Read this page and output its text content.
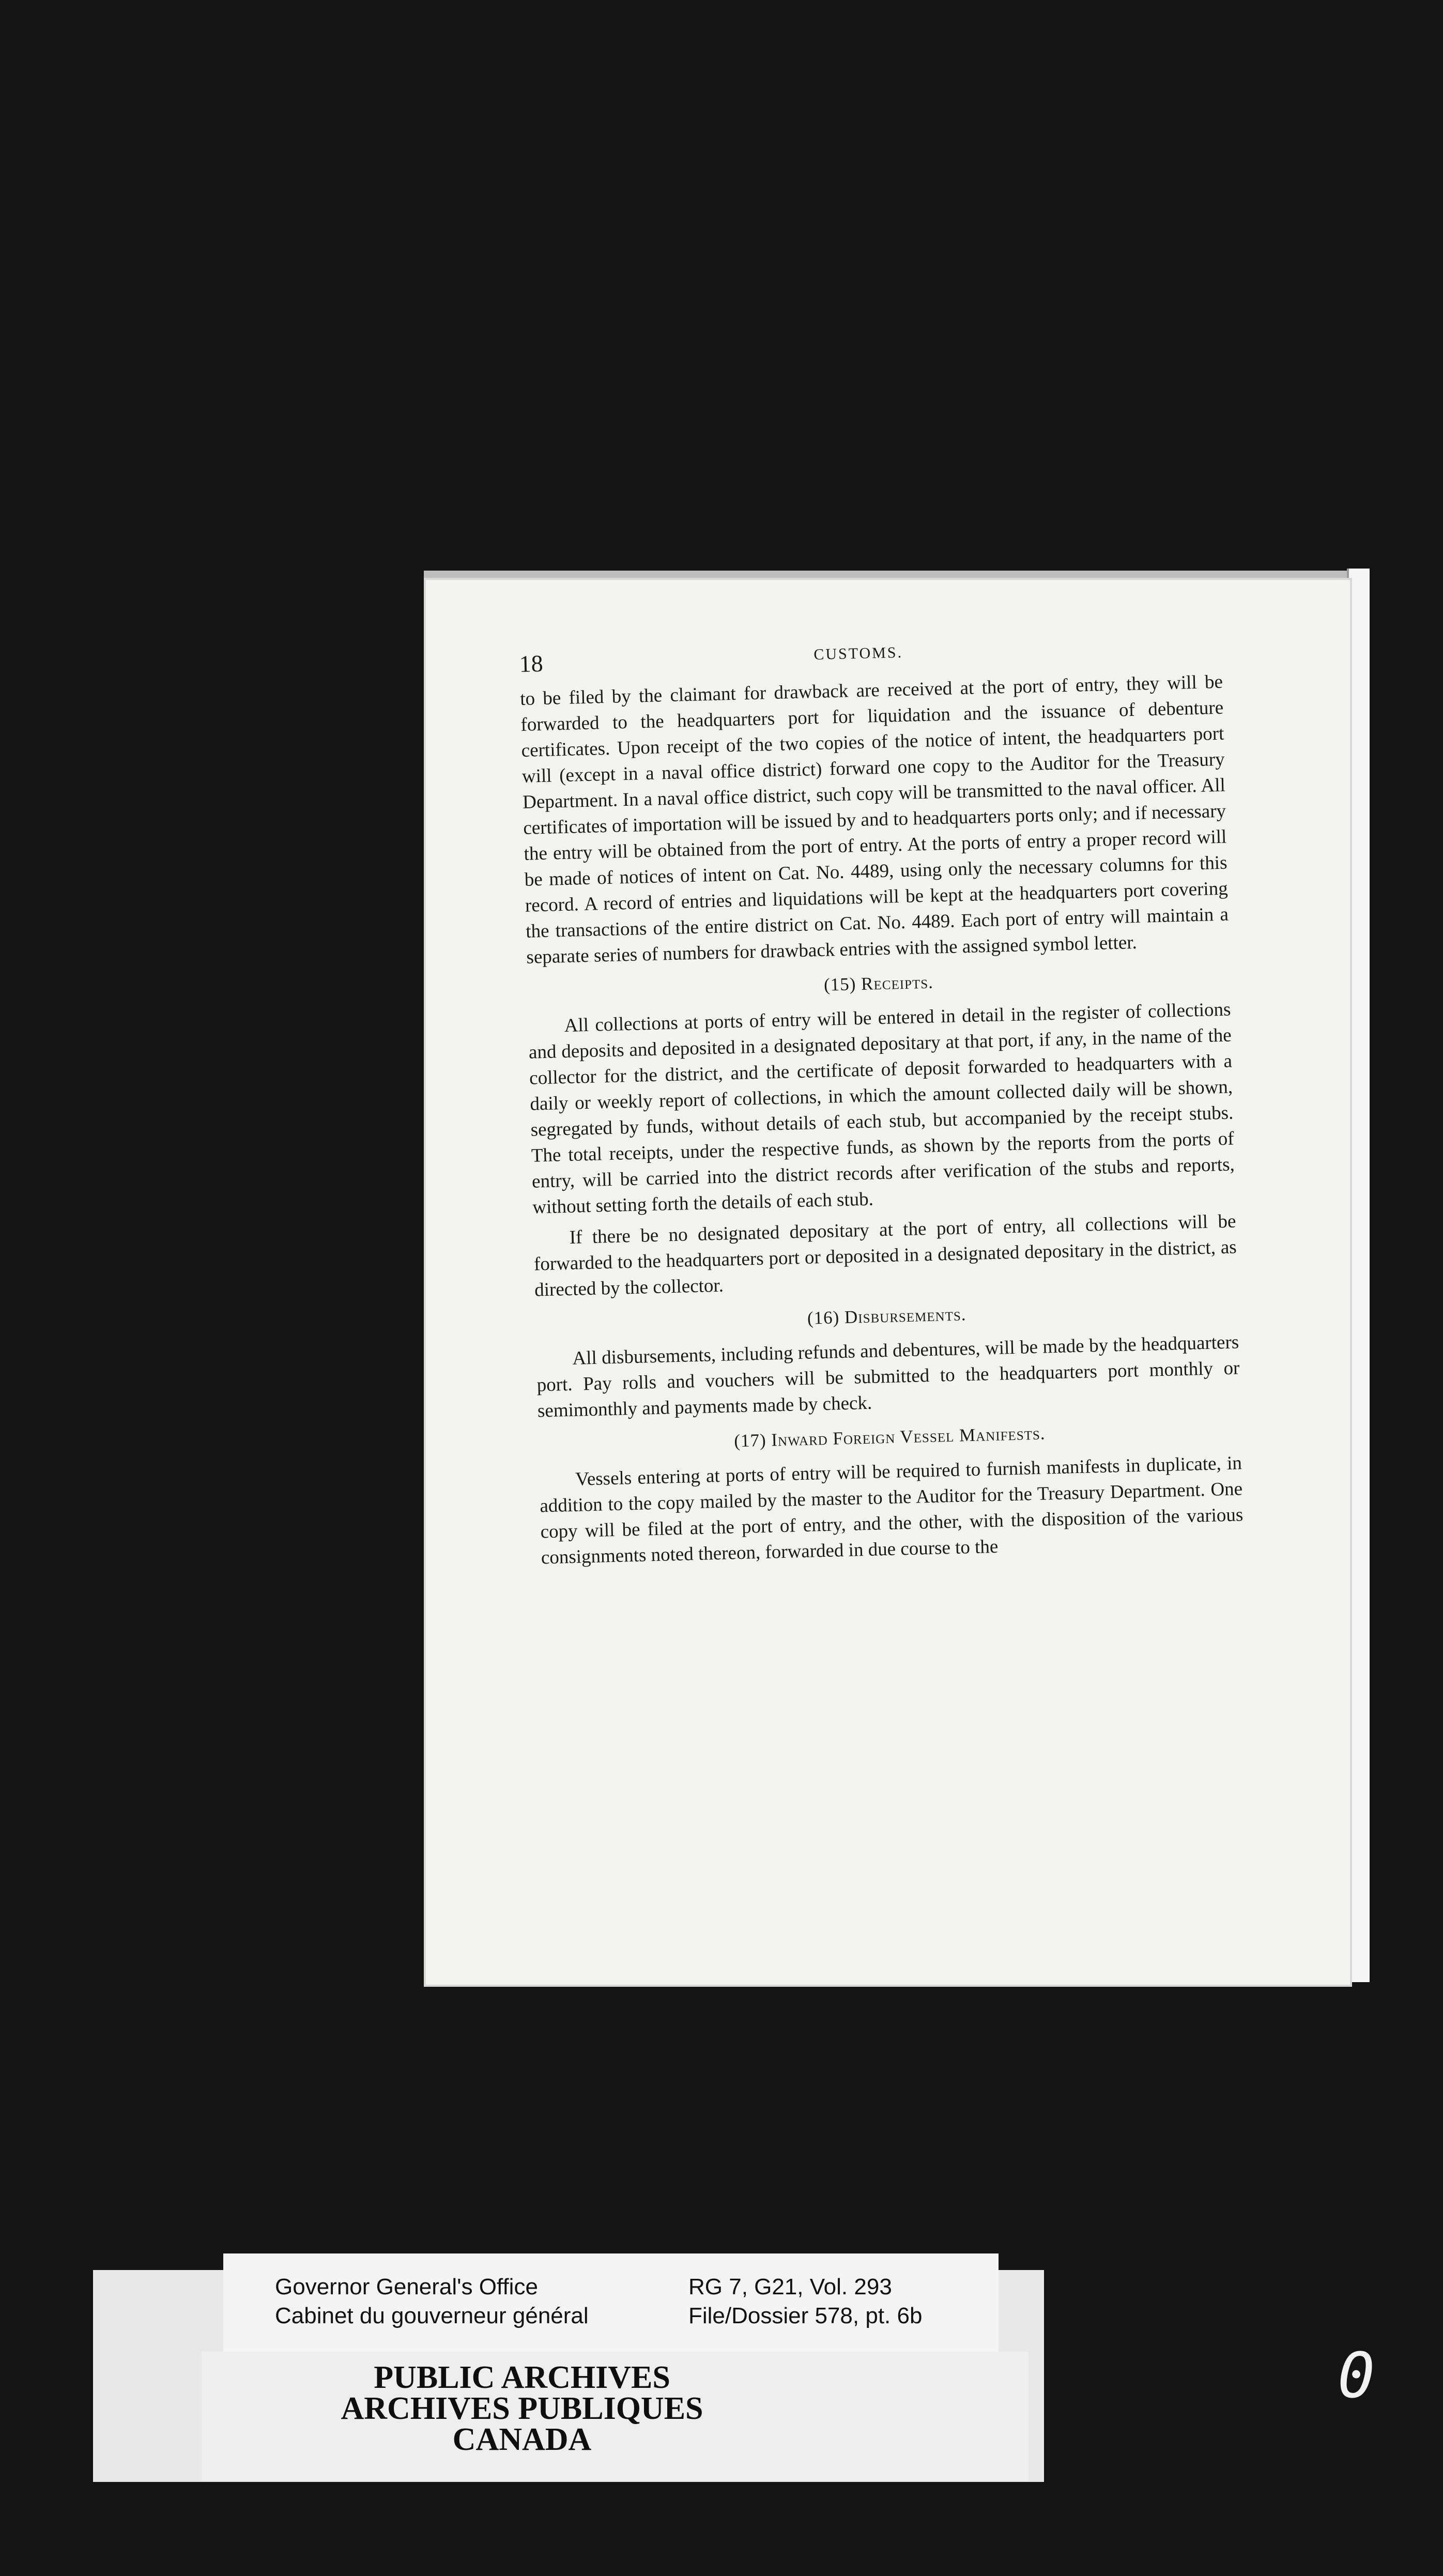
18	CUSTOMS.

to be filed by the claimant for drawback are received at the port of entry, they will be forwarded to the headquarters port for liquidation and the issuance of debenture certificates. Upon receipt of the two copies of the notice of intent, the headquarters port will (except in a naval office district) forward one copy to the Auditor for the Treasury Department. In a naval office district, such copy will be transmitted to the naval officer. All certificates of importation will be issued by and to headquarters ports only; and if necessary the entry will be obtained from the port of entry. At the ports of entry a proper record will be made of notices of intent on Cat. No. 4489, using only the necessary columns for this record. A record of entries and liquidations will be kept at the headquarters port covering the transactions of the entire district on Cat. No. 4489. Each port of entry will maintain a separate series of numbers for drawback entries with the assigned symbol letter.

(15) Receipts.

All collections at ports of entry will be entered in detail in the register of collections and deposits and deposited in a designated depositary at that port, if any, in the name of the collector for the district, and the certificate of deposit forwarded to headquarters with a daily or weekly report of collections, in which the amount collected daily will be shown, segregated by funds, without details of each stub, but accompanied by the receipt stubs. The total receipts, under the respective funds, as shown by the reports from the ports of entry, will be carried into the district records after verification of the stubs and reports, without setting forth the details of each stub.

If there be no designated depositary at the port of entry, all collections will be forwarded to the headquarters port or deposited in a designated depositary in the district, as directed by the collector.

(16) Disbursements.

All disbursements, including refunds and debentures, will be made by the headquarters port. Pay rolls and vouchers will be submitted to the headquarters port monthly or semimonthly and payments made by check.

(17) Inward Foreign Vessel Manifests.

Vessels entering at ports of entry will be required to furnish manifests in duplicate, in addition to the copy mailed by the master to the Auditor for the Treasury Department. One copy will be filed at the port of entry, and the other, with the disposition of the various consignments noted thereon, forwarded in due course to the

Governor General's Office
Cabinet du gouverneur général
RG 7, G21, Vol. 293
File/Dossier 578, pt. 6b
PUBLIC ARCHIVES
ARCHIVES PUBLIQUES
CANADA
0
